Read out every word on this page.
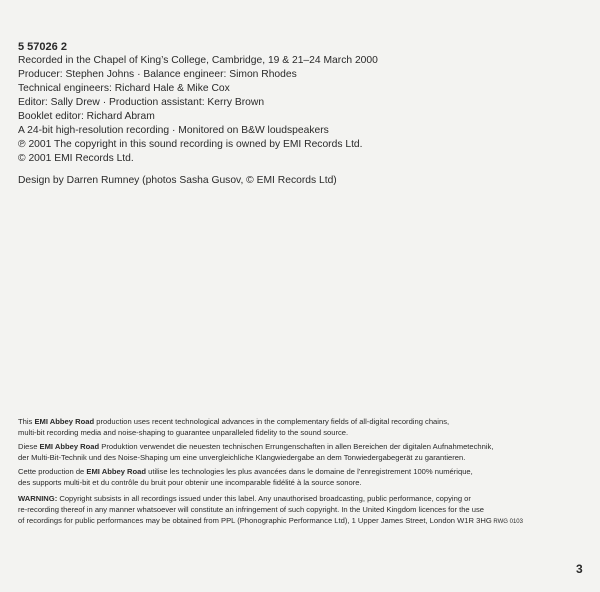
5 57026 2

Recorded in the Chapel of King’s College, Cambridge, 19 & 21–24 March 2000

Producer: Stephen Johns · Balance engineer: Simon Rhodes

Technical engineers: Richard Hale & Mike Cox

Editor: Sally Drew · Production assistant: Kerry Brown

Booklet editor: Richard Abram

A 24-bit high-resolution recording · Monitored on B&W loudspeakers

℗ 2001 The copyright in this sound recording is owned by EMI Records Ltd.

© 2001 EMI Records Ltd.

Design by Darren Rumney (photos Sasha Gusov, © EMI Records Ltd)

This EMI Abbey Road production uses recent technological advances in the complementary fields of all-digital recording chains,
multi-bit recording media and noise-shaping to guarantee unparalleled fidelity to the sound source.

Diese EMI Abbey Road Produktion verwendet die neuesten technischen Errungenschaften in allen Bereichen der digitalen Aufnahmetechnik,
der Multi-Bit-Technik und des Noise-Shaping um eine unvergleichliche Klangwiedergabe an dem Tonwiedergabegerät zu garantieren.

Cette production de EMI Abbey Road utilise les technologies les plus avancées dans le domaine de l’enregistrement 100% numérique,
des supports multi-bit et du contrôle du bruit pour obtenir une incomparable fidélité à la source sonore.

WARNING: Copyright subsists in all recordings issued under this label. Any unauthorised broadcasting, public performance, copying or
re-recording thereof in any manner whatsoever will constitute an infringement of such copyright. In the United Kingdom licences for the use
of recordings for public performances may be obtained from PPL (Phonographic Performance Ltd), 1 Upper James Street, London W1R 3HG RWG 0103

3
